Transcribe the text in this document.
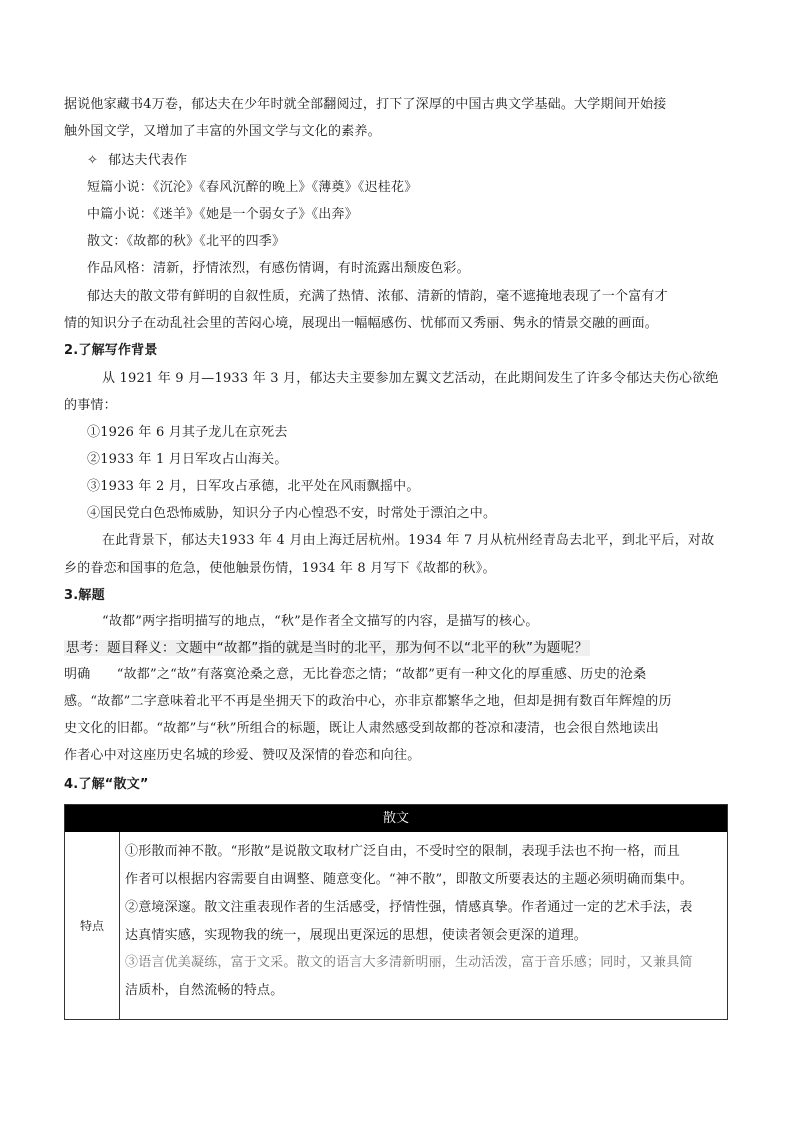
据说他家藏书4万卷，郁达夫在少年时就全部翻阅过，打下了深厚的中国古典文学基础。大学期间开始接
触外国文学，又增加了丰富的外国文学与文化的素养。
✧ 郁达夫代表作
短篇小说：《沉沦》《春风沉醉的晚上》《薄奠》《迟桂花》
中篇小说：《迷羊》《她是一个弱女子》《出奔》
散文：《故都的秋》《北平的四季》
作品风格：清新，抒情浓烈，有感伤情调，有时流露出颓废色彩。
郁达夫的散文带有鲜明的自叙性质，充满了热情、浓郁、清新的情韵，毫不遮掩地表现了一个富有才
情的知识分子在动乱社会里的苦闷心境，展现出一幅幅感伤、忧郁而又秀丽、隽永的情景交融的画面。
2.了解写作背景
从 1921 年 9 月—1933 年 3 月，郁达夫主要参加左翼文艺活动，在此期间发生了许多令郁达夫伤心欲绝
的事情：
①1926 年 6 月其子龙儿在京死去
②1933 年 1 月日军攻占山海关。
③1933 年 2 月，日军攻占承德，北平处在风雨飘摇中。
④国民党白色恐怖威胁，知识分子内心惶恐不安，时常处于漂泊之中。
在此背景下，郁达夫1933 年 4 月由上海迁居杭州。1934 年 7 月从杭州经青岛去北平，到北平后，对故
乡的眷恋和国事的危急，使他触景伤情，1934 年 8 月写下《故都的秋》。
3.解题
“故都”两字指明描写的地点，“秋”是作者全文描写的内容，是描写的核心。
思考：题目释义：文题中“故都”指的就是当时的北平，那为何不以“北平的秋”为题呢？
明确　　“故都”之“故”有落寞沧桑之意，无比眷恋之情；“故都”更有一种文化的厚重感、历史的沧桑
感。“故都”二字意味着北平不再是坐拥天下的政治中心，亦非京都繁华之地，但却是拥有数百年辉煌的历
史文化的旧都。“故都”与“秋”所组合的标题，既让人肃然感受到故都的苍凉和凄清，也会很自然地读出
作者心中对这座历史名城的珍爱、赞叹及深情的眷恋和向往。
4.了解“散文”
散文
特点
①形散而神不散。“形散”是说散文取材广泛自由，不受时空的限制，表现手法也不拘一格，而且
作者可以根据内容需要自由调整、随意变化。“神不散”，即散文所要表达的主题必须明确而集中。
②意境深邃。散文注重表现作者的生活感受，抒情性强，情感真挚。作者通过一定的艺术手法，表
达真情实感，实现物我的统一，展现出更深远的思想，使读者领会更深的道理。
③语言优美凝练，富于文采。散文的语言大多清新明丽，生动活泼，富于音乐感；同时，又兼具简
洁质朴，自然流畅的特点。
